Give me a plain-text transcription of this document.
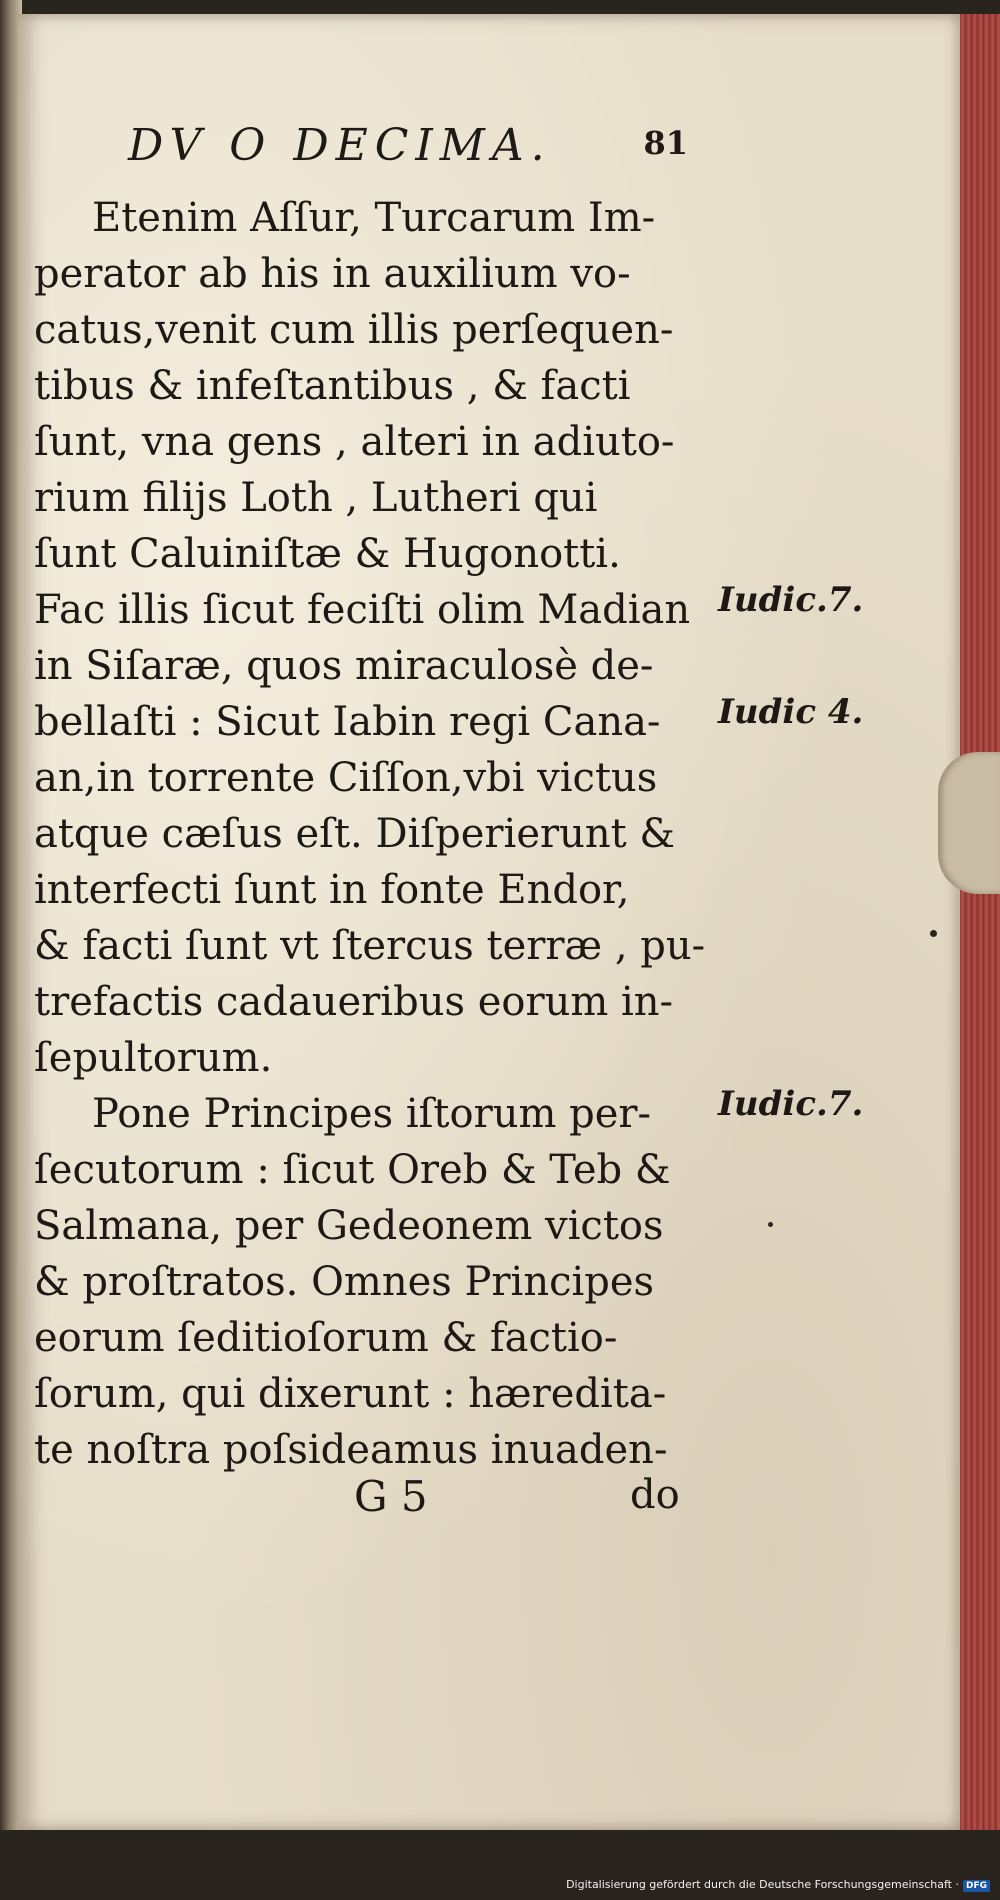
DV O DECIMA.	81
Etenim Aſſur, Turcarum Im-
perator ab his in auxilium vo-
catus,venit cum illis perſequen-
tibus & infeſtantibus , & facti
ſunt, vna gens , alteri in adiuto-
rium filijs Loth , Lutheri qui
ſunt Caluiniſtæ & Hugonotti.
Fac illis ſicut feciſti olim Madian
in Siſaræ, quos miraculosè de-
bellaſti : Sicut Iabin regi Cana-
an,in torrente Ciſſon,vbi victus
atque cæſus eſt. Diſperierunt &
interfecti ſunt in fonte Endor,
& facti ſunt vt ſtercus terræ , pu-
trefactis cadaueribus eorum in-
ſepultorum.
Pone Principes iſtorum per-
ſecutorum : ſicut Oreb & Teb &
Salmana, per Gedeonem victos
& proſtratos. Omnes Principes
eorum ſeditioſorum & factio-
ſorum, qui dixerunt : hæredita-
te noſtra poſsideamus inuaden-
Iudic.7.
Iudic 4.
Iudic.7.
G 5	do
Digitalisierung gefördert durch die Deutsche Forschungsgemeinschaft · DFG
